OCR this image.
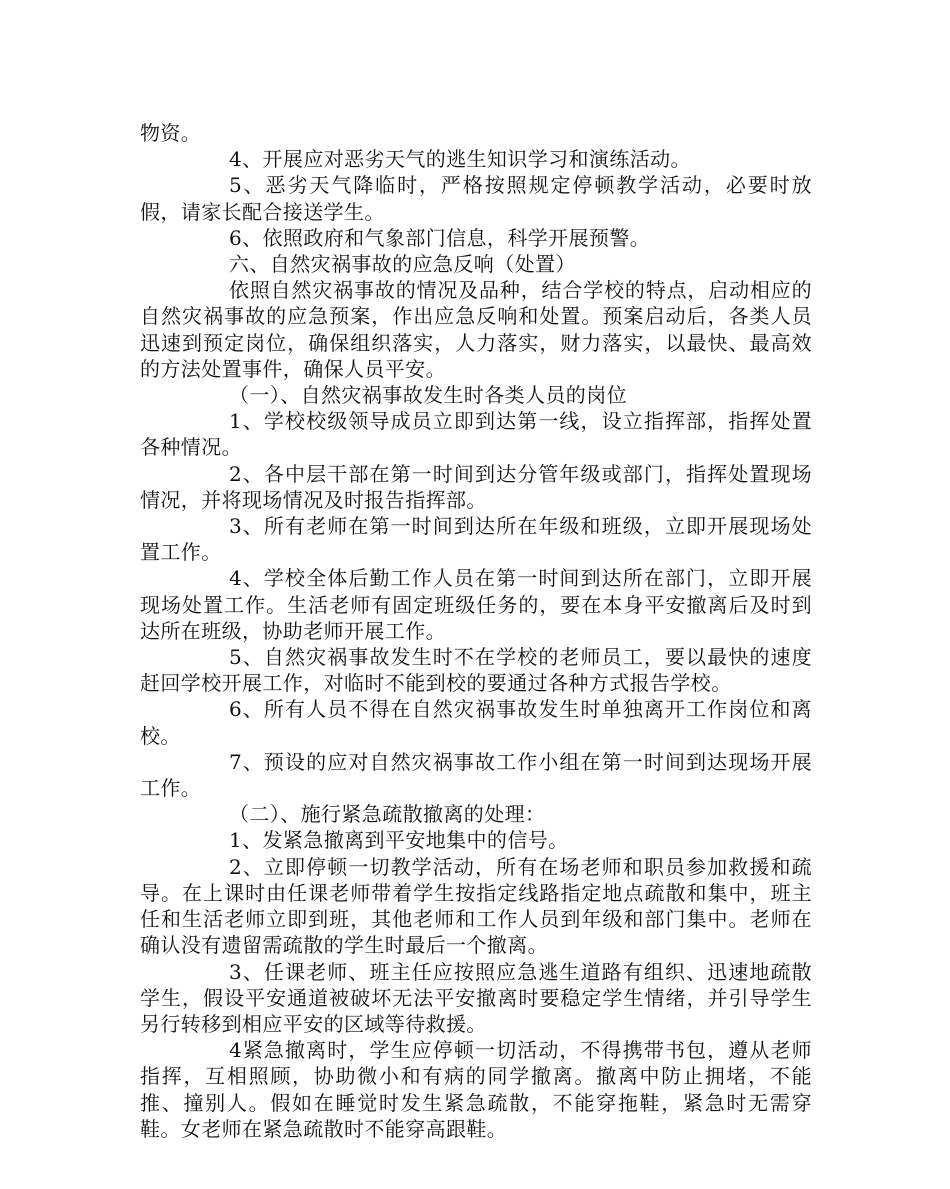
物资。

4、开展应对恶劣天气的逃生知识学习和演练活动。

5、恶劣天气降临时，严格按照规定停顿教学活动，必要时放假，请家长配合接送学生。

6、依照政府和气象部门信息，科学开展预警。

六、自然灾祸事故的应急反响（处置）

依照自然灾祸事故的情况及品种，结合学校的特点，启动相应的自然灾祸事故的应急预案，作出应急反响和处置。预案启动后，各类人员迅速到预定岗位，确保组织落实，人力落实，财力落实，以最快、最高效的方法处置事件，确保人员平安。

（一）、自然灾祸事故发生时各类人员的岗位

1、学校校级领导成员立即到达第一线，设立指挥部，指挥处置各种情况。

2、各中层干部在第一时间到达分管年级或部门，指挥处置现场情况，并将现场情况及时报告指挥部。

3、所有老师在第一时间到达所在年级和班级，立即开展现场处置工作。

4、学校全体后勤工作人员在第一时间到达所在部门，立即开展现场处置工作。生活老师有固定班级任务的，要在本身平安撤离后及时到达所在班级，协助老师开展工作。

5、自然灾祸事故发生时不在学校的老师员工，要以最快的速度赶回学校开展工作，对临时不能到校的要通过各种方式报告学校。

6、所有人员不得在自然灾祸事故发生时单独离开工作岗位和离校。

7、预设的应对自然灾祸事故工作小组在第一时间到达现场开展工作。

（二）、施行紧急疏散撤离的处理：

1、发紧急撤离到平安地集中的信号。

2、立即停顿一切教学活动，所有在场老师和职员参加救援和疏导。在上课时由任课老师带着学生按指定线路指定地点疏散和集中，班主任和生活老师立即到班，其他老师和工作人员到年级和部门集中。老师在确认没有遗留需疏散的学生时最后一个撤离。

3、任课老师、班主任应按照应急逃生道路有组织、迅速地疏散学生，假设平安通道被破坏无法平安撤离时要稳定学生情绪，并引导学生另行转移到相应平安的区域等待救援。

4紧急撤离时，学生应停顿一切活动，不得携带书包，遵从老师指挥，互相照顾，协助微小和有病的同学撤离。撤离中防止拥堵，不能推、撞别人。假如在睡觉时发生紧急疏散，不能穿拖鞋，紧急时无需穿鞋。女老师在紧急疏散时不能穿高跟鞋。
